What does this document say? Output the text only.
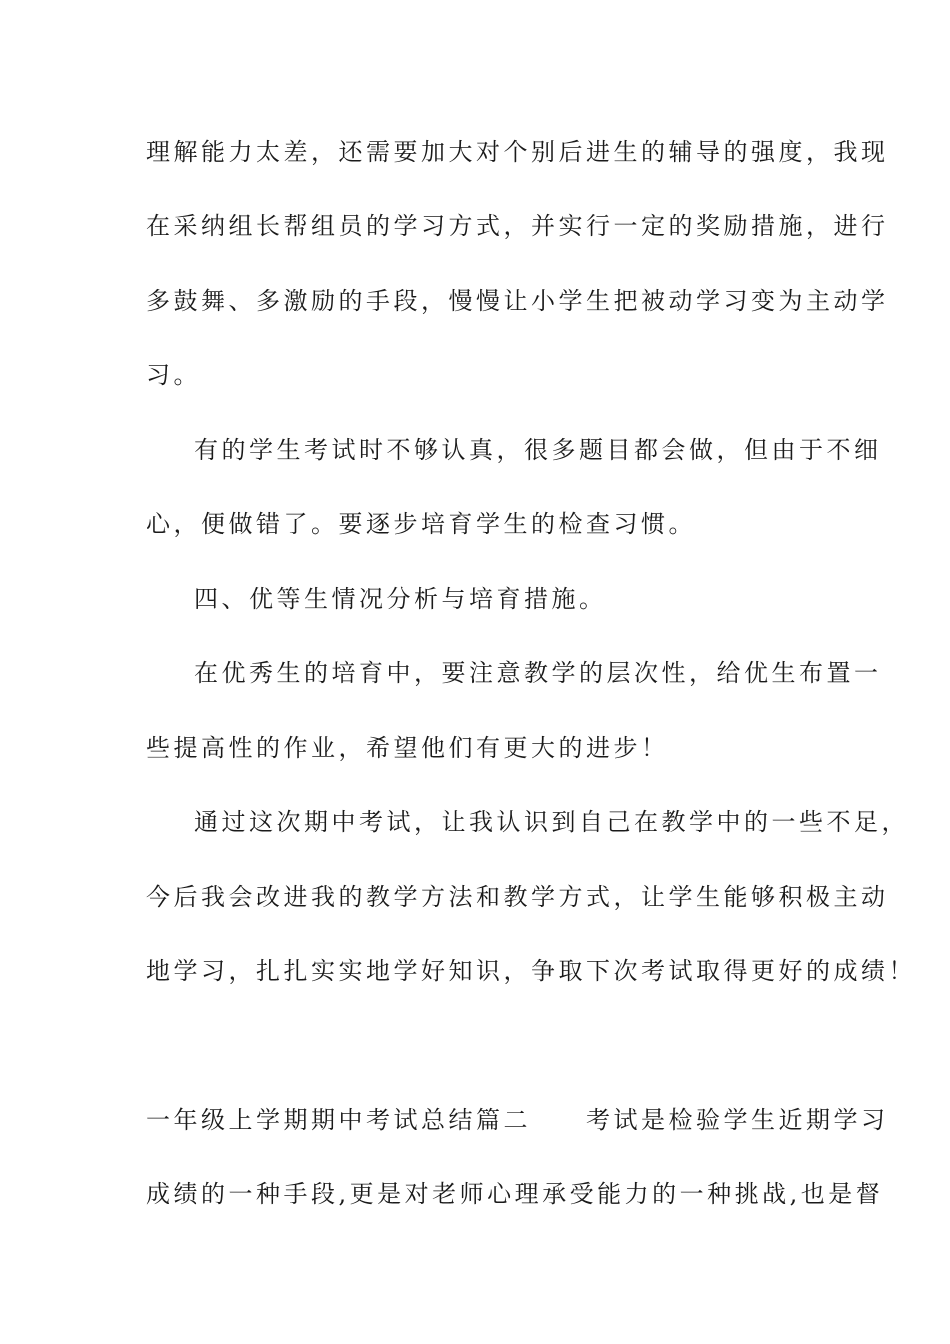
理解能力太差，还需要加大对个别后进生的辅导的强度，我现
在采纳组长帮组员的学习方式，并实行一定的奖励措施，进行
多鼓舞、多激励的手段，慢慢让小学生把被动学习变为主动学
习。
有的学生考试时不够认真，很多题目都会做，但由于不细
心，便做错了。要逐步培育学生的检查习惯。
四、优等生情况分析与培育措施。
在优秀生的培育中，要注意教学的层次性，给优生布置一
些提高性的作业，希望他们有更大的进步！
通过这次期中考试，让我认识到自己在教学中的一些不足，
今后我会改进我的教学方法和教学方式，让学生能够积极主动
地学习，扎扎实实地学好知识，争取下次考试取得更好的成绩！
一年级上学期期中考试总结篇二　　考试是检验学生近期学习
成绩的一种手段,更是对老师心理承受能力的一种挑战,也是督
